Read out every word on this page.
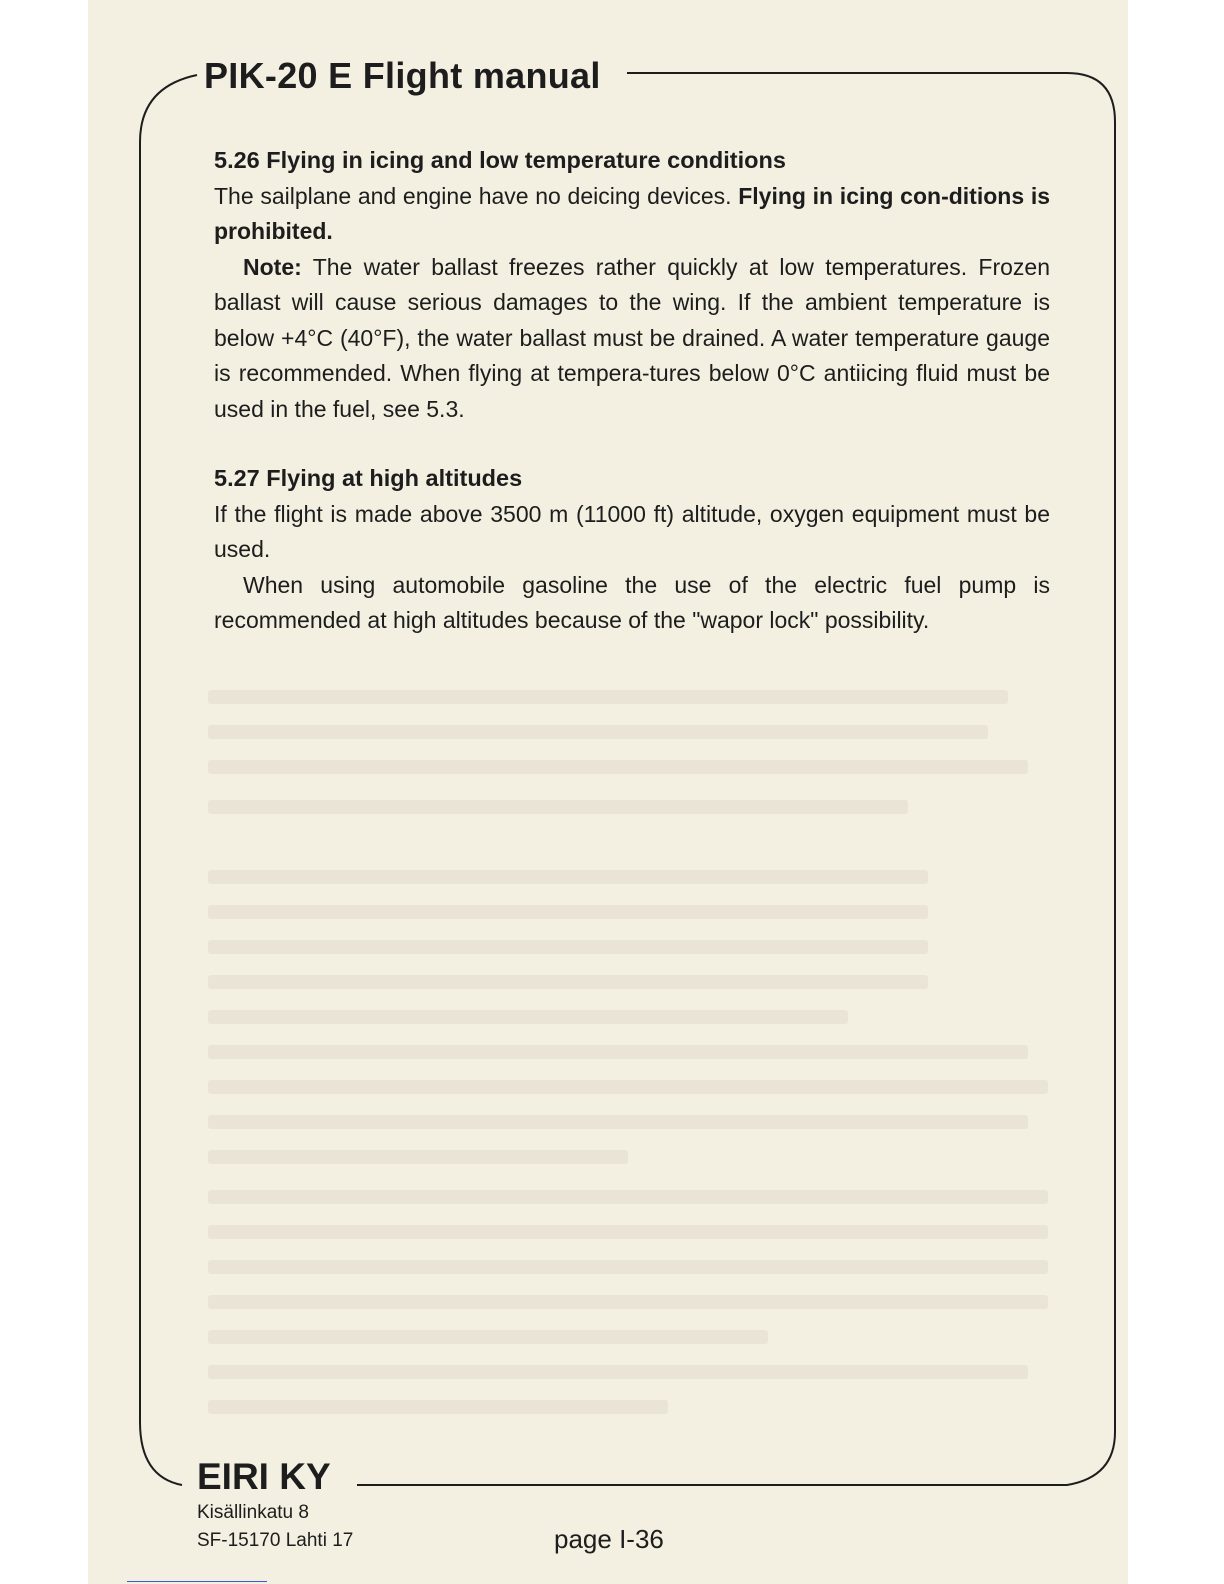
PIK-20 E Flight manual
5.26 Flying in icing and low temperature conditions

The sailplane and engine have no deicing devices. Flying in icing con-ditions is prohibited.

Note: The water ballast freezes rather quickly at low temperatures. Frozen ballast will cause serious damages to the wing. If the ambient temperature is below +4°C (40°F), the water ballast must be drained. A water temperature gauge is recommended. When flying at tempera-tures below 0°C antiicing fluid must be used in the fuel, see 5.3.

5.27 Flying at high altitudes

If the flight is made above 3500 m (11000 ft) altitude, oxygen equipment must be used.

When using automobile gasoline the use of the electric fuel pump is recommended at high altitudes because of the "wapor lock" possibility.

EIRI KY
Kisällinkatu 8
SF-15170 Lahti 17	page I-36
